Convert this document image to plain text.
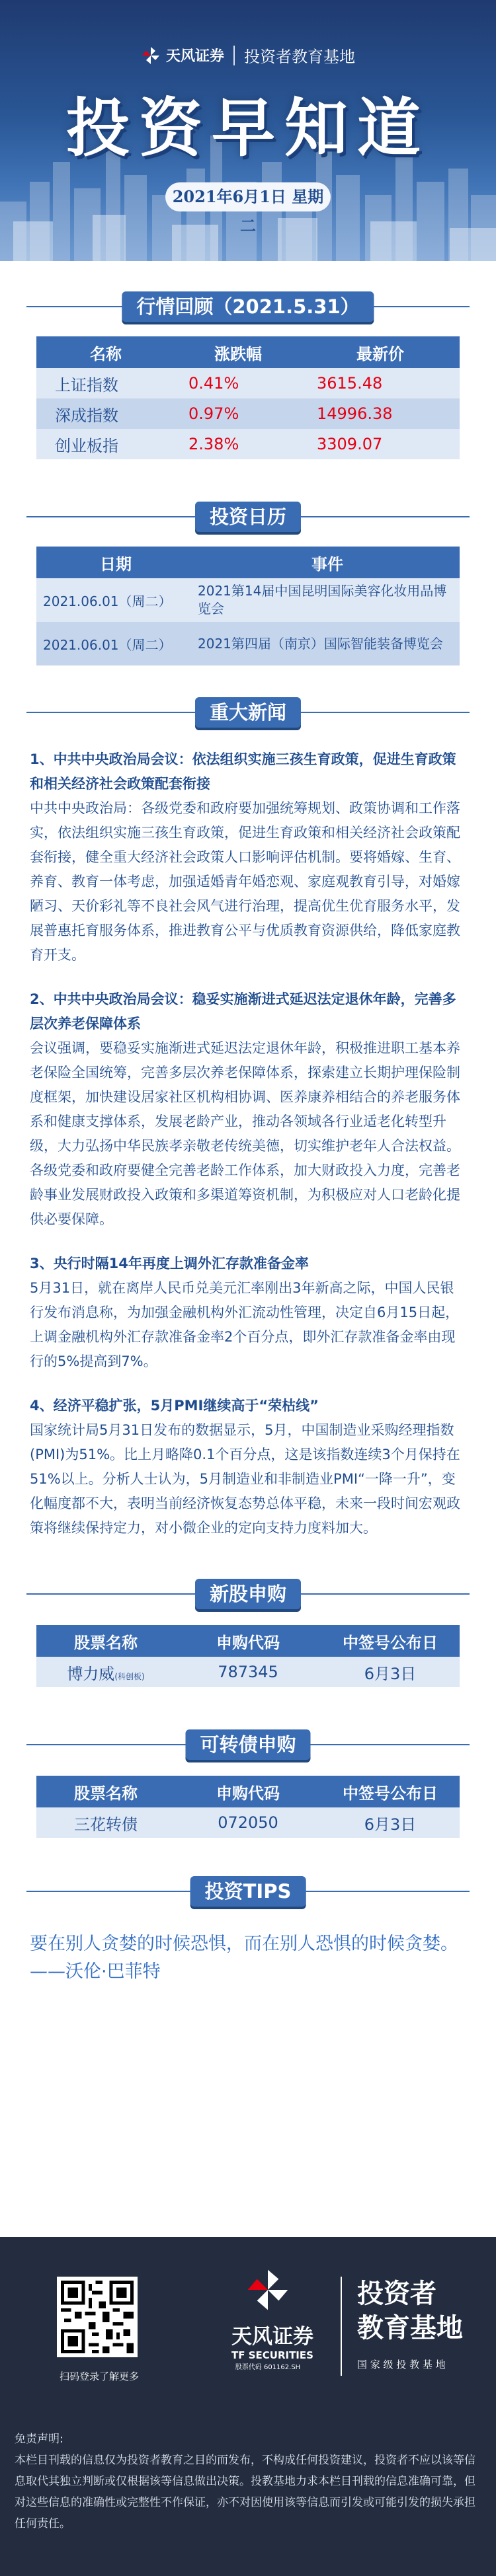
天风证券 投资者教育基地
投资早知道
2021年6月1日 星期二
行情回顾（2021.5.31）
名称	涨跌幅	最新价
上证指数	0.41%	3615.48
深成指数	0.97%	14996.38
创业板指	2.38%	3309.07
投资日历
日期	事件
2021.06.01（周二）	2021第14届中国昆明国际美容化妆用品博览会
2021.06.01（周二）	2021第四届（南京）国际智能装备博览会
重大新闻

1、中共中央政治局会议：依法组织实施三孩生育政策，促进生育政策和相关经济社会政策配套衔接

中共中央政治局：各级党委和政府要加强统筹规划、政策协调和工作落实，依法组织实施三孩生育政策，促进生育政策和相关经济社会政策配套衔接，健全重大经济社会政策人口影响评估机制。要将婚嫁、生育、养育、教育一体考虑，加强适婚青年婚恋观、家庭观教育引导，对婚嫁陋习、天价彩礼等不良社会风气进行治理，提高优生优育服务水平，发展普惠托育服务体系，推进教育公平与优质教育资源供给，降低家庭教育开支。

2、中共中央政治局会议：稳妥实施渐进式延迟法定退休年龄，完善多层次养老保障体系

会议强调，要稳妥实施渐进式延迟法定退休年龄，积极推进职工基本养老保险全国统筹，完善多层次养老保障体系，探索建立长期护理保险制度框架，加快建设居家社区机构相协调、医养康养相结合的养老服务体系和健康支撑体系，发展老龄产业，推动各领域各行业适老化转型升级，大力弘扬中华民族孝亲敬老传统美德，切实维护老年人合法权益。各级党委和政府要健全完善老龄工作体系，加大财政投入力度，完善老龄事业发展财政投入政策和多渠道筹资机制，为积极应对人口老龄化提供必要保障。

3、央行时隔14年再度上调外汇存款准备金率

5月31日，就在离岸人民币兑美元汇率刚出3年新高之际，中国人民银行发布消息称，为加强金融机构外汇流动性管理，决定自6月15日起，上调金融机构外汇存款准备金率2个百分点，即外汇存款准备金率由现行的5%提高到7%。

4、经济平稳扩张，5月PMI继续高于“荣枯线”

国家统计局5月31日发布的数据显示，5月，中国制造业采购经理指数(PMI)为51%。比上月略降0.1个百分点，这是该指数连续3个月保持在51%以上。分析人士认为，5月制造业和非制造业PMI“一降一升”，变化幅度都不大，表明当前经济恢复态势总体平稳，未来一段时间宏观政策将继续保持定力，对小微企业的定向支持力度料加大。

新股申购
股票名称	申购代码	中签号公布日
博力威(科创板)	787345	6月3日
可转债申购
股票名称	申购代码	中签号公布日
三花转债	072050	6月3日
投资TIPS
要在别人贪婪的时候恐惧，而在别人恐惧的时候贪婪。——沃伦·巴菲特
扫码登录了解更多
天风证券
TF SECURITIES
股票代码 601162.SH
投资者
教育基地
国 家 级 投 教 基 地
免责声明:
本栏目刊载的信息仅为投资者教育之目的而发布，不构成任何投资建议，投资者不应以该等信息取代其独立判断或仅根据该等信息做出决策。投教基地力求本栏目刊载的信息准确可靠，但对这些信息的准确性或完整性不作保证，亦不对因使用该等信息而引发或可能引发的损失承担任何责任。
